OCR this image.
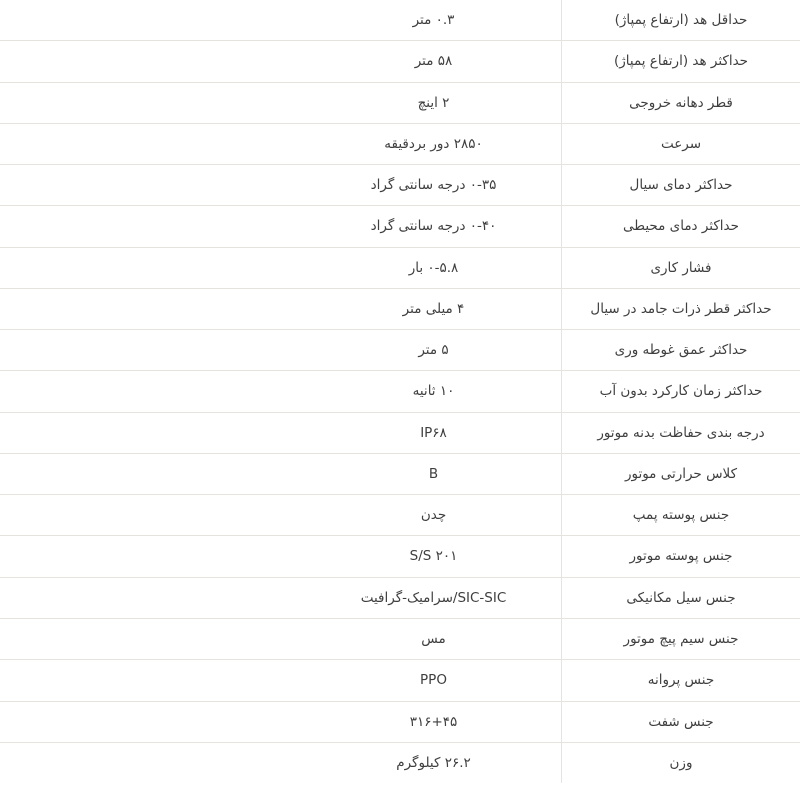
حداقل هد (ارتفاع پمپاژ)	۰.۳ متر
حداکثر هد (ارتفاع پمپاژ)	۵۸ متر
قطر دهانه خروجی	۲ اینچ
سرعت	۲۸۵۰ دور بردقیقه
حداکثر دمای سیال	۰-۳۵ درجه سانتی گراد
حداکثر دمای محیطی	۰-۴۰ درجه سانتی گراد
فشار کاری	۰-۵.۸ بار
حداکثر قطر ذرات جامد در سیال	۴ میلی متر
حداکثر عمق غوطه وری	۵ متر
حداکثر زمان کارکرد بدون آب	۱۰ ثانیه
درجه بندی حفاظت بدنه موتور	IP۶۸
کلاس حرارتی موتور	B
جنس پوسته پمپ	چدن
جنس پوسته موتور	S/S ۲۰۱
جنس سیل مکانیکی	SIC-SIC/سرامیک-گرافیت
جنس سیم پیچ موتور	مس
جنس پروانه	PPO
جنس شفت	۳۱۶+۴۵
وزن	۲۶.۲ کیلوگرم
